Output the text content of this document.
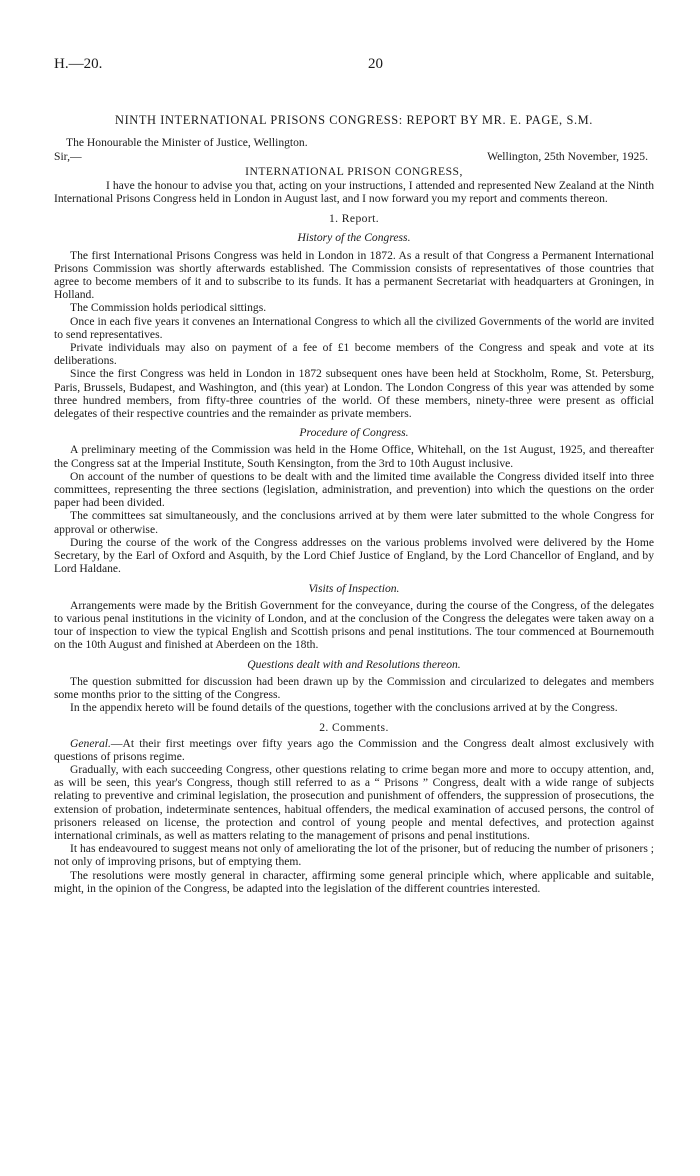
H.—20.	20
NINTH INTERNATIONAL PRISONS CONGRESS: REPORT BY MR. E. PAGE, S.M.

The Honourable the Minister of Justice, Wellington.

Sir,—	Wellington, 25th November, 1925.
INTERNATIONAL PRISON CONGRESS,

I have the honour to advise you that, acting on your instructions, I attended and represented New Zealand at the Ninth International Prisons Congress held in London in August last, and I now forward you my report and comments thereon.

1. Report.
History of the Congress.

The first International Prisons Congress was held in London in 1872. As a result of that Congress a Permanent International Prisons Commission was shortly afterwards established. The Commission consists of representatives of those countries that agree to become members of it and to subscribe to its funds. It has a permanent Secretariat with headquarters at Groningen, in Holland.

The Commission holds periodical sittings.

Once in each five years it convenes an International Congress to which all the civilized Governments of the world are invited to send representatives.

Private individuals may also on payment of a fee of £1 become members of the Congress and speak and vote at its deliberations.

Since the first Congress was held in London in 1872 subsequent ones have been held at Stockholm, Rome, St. Petersburg, Paris, Brussels, Budapest, and Washington, and (this year) at London. The London Congress of this year was attended by some three hundred members, from fifty-three countries of the world. Of these members, ninety-three were present as official delegates of their respective countries and the remainder as private members.

Procedure of Congress.

A preliminary meeting of the Commission was held in the Home Office, Whitehall, on the 1st August, 1925, and thereafter the Congress sat at the Imperial Institute, South Kensington, from the 3rd to 10th August inclusive.

On account of the number of questions to be dealt with and the limited time available the Congress divided itself into three committees, representing the three sections (legislation, administration, and prevention) into which the questions on the order paper had been divided.

The committees sat simultaneously, and the conclusions arrived at by them were later submitted to the whole Congress for approval or otherwise.

During the course of the work of the Congress addresses on the various problems involved were delivered by the Home Secretary, by the Earl of Oxford and Asquith, by the Lord Chief Justice of England, by the Lord Chancellor of England, and by Lord Haldane.

Visits of Inspection.

Arrangements were made by the British Government for the conveyance, during the course of the Congress, of the delegates to various penal institutions in the vicinity of London, and at the conclusion of the Congress the delegates were taken away on a tour of inspection to view the typical English and Scottish prisons and penal institutions. The tour commenced at Bournemouth on the 10th August and finished at Aberdeen on the 18th.

Questions dealt with and Resolutions thereon.

The question submitted for discussion had been drawn up by the Commission and circularized to delegates and members some months prior to the sitting of the Congress.

In the appendix hereto will be found details of the questions, together with the conclusions arrived at by the Congress.

2. Comments.

General.—At their first meetings over fifty years ago the Commission and the Congress dealt almost exclusively with questions of prisons regime.

Gradually, with each succeeding Congress, other questions relating to crime began more and more to occupy attention, and, as will be seen, this year's Congress, though still referred to as a “ Prisons ” Congress, dealt with a wide range of subjects relating to preventive and criminal legislation, the prosecution and punishment of offenders, the suppression of prosecutions, the extension of probation, indeterminate sentences, habitual offenders, the medical examination of accused persons, the control of prisoners released on license, the protection and control of young people and mental defectives, and protection against international criminals, as well as matters relating to the management of prisons and penal institutions.

It has endeavoured to suggest means not only of ameliorating the lot of the prisoner, but of reducing the number of prisoners ; not only of improving prisons, but of emptying them.

The resolutions were mostly general in character, affirming some general principle which, where applicable and suitable, might, in the opinion of the Congress, be adapted into the legislation of the different countries interested.
